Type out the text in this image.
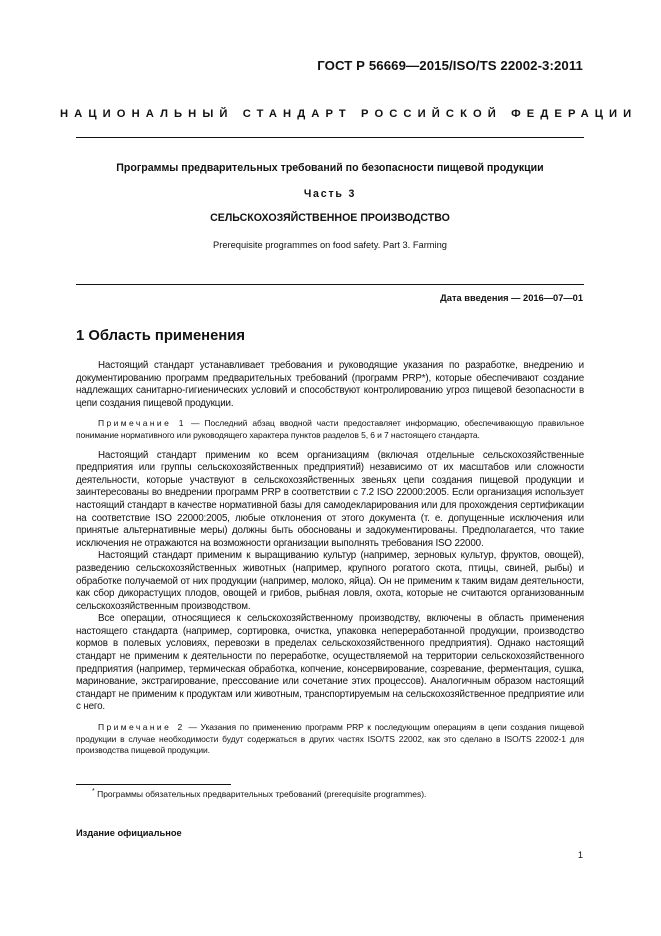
ГОСТ Р 56669—2015/ISO/TS 22002-3:2011
НАЦИОНАЛЬНЫЙ СТАНДАРТ РОССИЙСКОЙ ФЕДЕРАЦИИ
Программы предварительных требований по безопасности пищевой продукции
Часть 3
СЕЛЬСКОХОЗЯЙСТВЕННОЕ ПРОИЗВОДСТВО
Prerequisite programmes on food safety. Part 3. Farming
Дата введения — 2016—07—01
1 Область применения

Настоящий стандарт устанавливает требования и руководящие указания по разработке, внедрению и документированию программ предварительных требований (программ PRP*), которые обеспечивают создание надлежащих санитарно-гигиенических условий и способствуют контролированию угроз пищевой безопасности в цепи создания пищевой продукции.

Примечание 1 — Последний абзац вводной части предоставляет информацию, обеспечивающую правильное понимание нормативного или руководящего характера пунктов разделов 5, 6 и 7 настоящего стандарта.

Настоящий стандарт применим ко всем организациям (включая отдельные сельскохозяйственные предприятия или группы сельскохозяйственных предприятий) независимо от их масштабов или сложности деятельности, которые участвуют в сельскохозяйственных звеньях цепи создания пищевой продукции и заинтересованы во внедрении программ PRP в соответствии с 7.2 ISO 22000:2005. Если организация использует настоящий стандарт в качестве нормативной базы для самодекларирования или для прохождения сертификации на соответствие ISO 22000:2005, любые отклонения от этого документа (т. е. допущенные исключения или принятые альтернативные меры) должны быть обоснованы и задокументированы. Предполагается, что такие исключения не отражаются на возможности организации выполнять требования ISO 22000.

Настоящий стандарт применим к выращиванию культур (например, зерновых культур, фруктов, овощей), разведению сельскохозяйственных животных (например, крупного рогатого скота, птицы, свиней, рыбы) и обработке получаемой от них продукции (например, молоко, яйца). Он не применим к таким видам деятельности, как сбор дикорастущих плодов, овощей и грибов, рыбная ловля, охота, которые не считаются организованным сельскохозяйственным производством.

Все операции, относящиеся к сельскохозяйственному производству, включены в область применения настоящего стандарта (например, сортировка, очистка, упаковка непереработанной продукции, производство кормов в полевых условиях, перевозки в пределах сельскохозяйственного предприятия). Однако настоящий стандарт не применим к деятельности по переработке, осуществляемой на территории сельскохозяйственного предприятия (например, термическая обработка, копчение, консервирование, созревание, ферментация, сушка, маринование, экстрагирование, прессование или сочетание этих процессов). Аналогичным образом настоящий стандарт не применим к продуктам или животным, транспортируемым на сельскохозяйственное предприятие или с него.

Примечание 2 — Указания по применению программ PRP к последующим операциям в цепи создания пищевой продукции в случае необходимости будут содержаться в других частях ISO/TS 22002, как это сделано в ISO/TS 22002-1 для производства пищевой продукции.

* Программы обязательных предварительных требований (prerequisite programmes).
Издание официальное
1
